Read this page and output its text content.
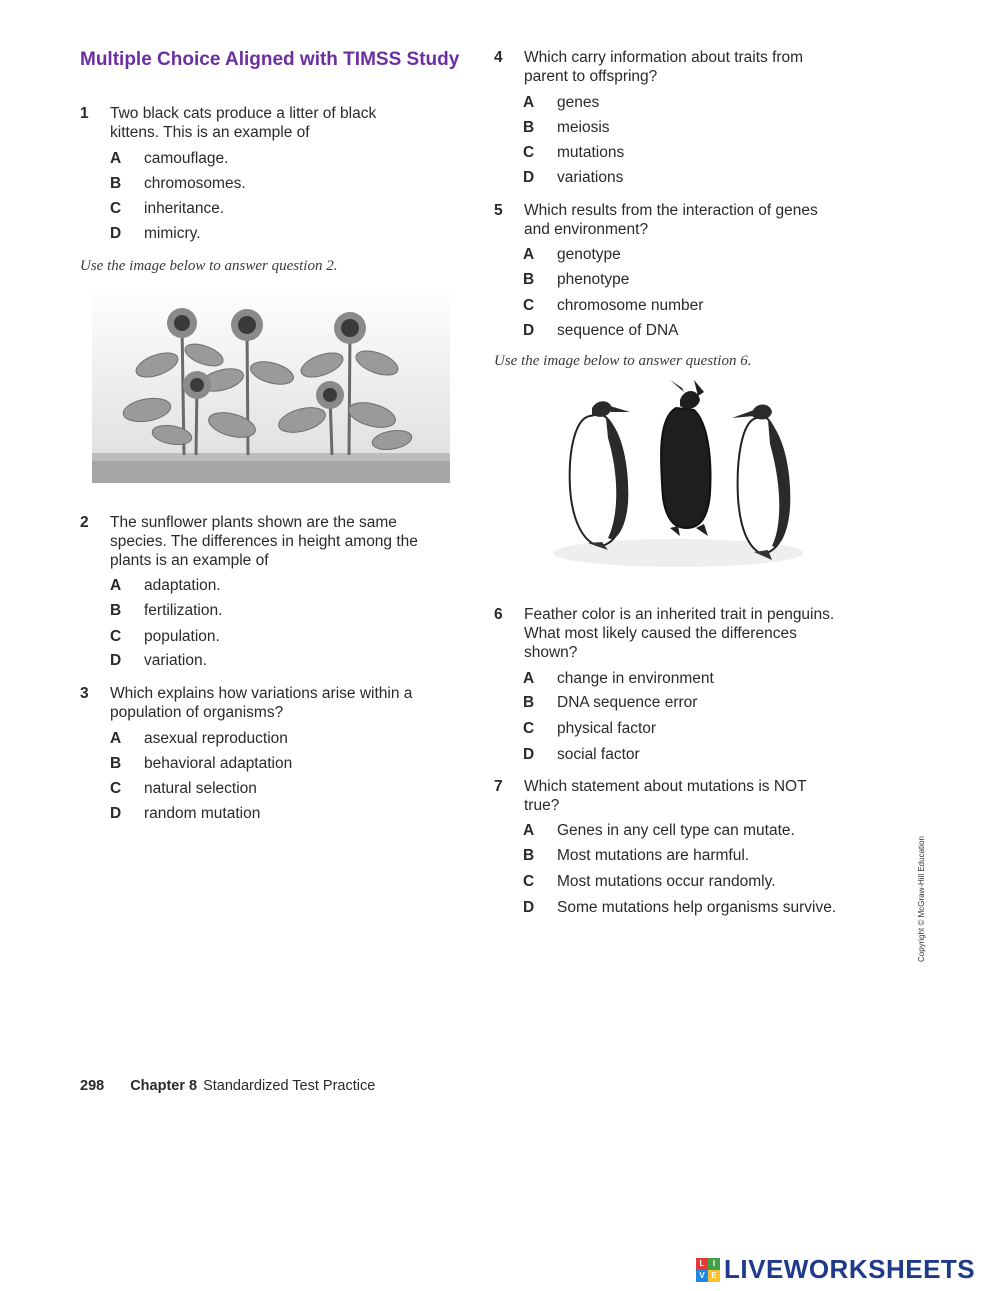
Multiple Choice Aligned with TIMSS Study
1 Two black cats produce a litter of black
kittens. This is an example of
A camouflage.
B chromosomes.
C inheritance.
D mimicry.
Use the image below to answer question 2.
2 The sunflower plants shown are the same
species. The differences in height among the
plants is an example of
A adaptation.
B fertilization.
C population.
D variation.
3 Which explains how variations arise within a
population of organisms?
A asexual reproduction
B behavioral adaptation
C natural selection
D random mutation
4 Which carry information about traits from
parent to offspring?
A genes
B meiosis
C mutations
D variations
5 Which results from the interaction of genes
and environment?
A genotype
B phenotype
C chromosome number
D sequence of DNA
Use the image below to answer question 6.
6 Feather color is an inherited trait in penguins.
What most likely caused the differences
shown?
A change in environment
B DNA sequence error
C physical factor
D social factor
7 Which statement about mutations is NOT
true?
A Genes in any cell type can mutate.
B Most mutations are harmful.
C Most mutations occur randomly.
D Some mutations help organisms survive.	Copyright © McGraw-Hill Education
298 Chapter 8 Standardized Test Practice
L	I
V E LIVEWORKSHEETS
